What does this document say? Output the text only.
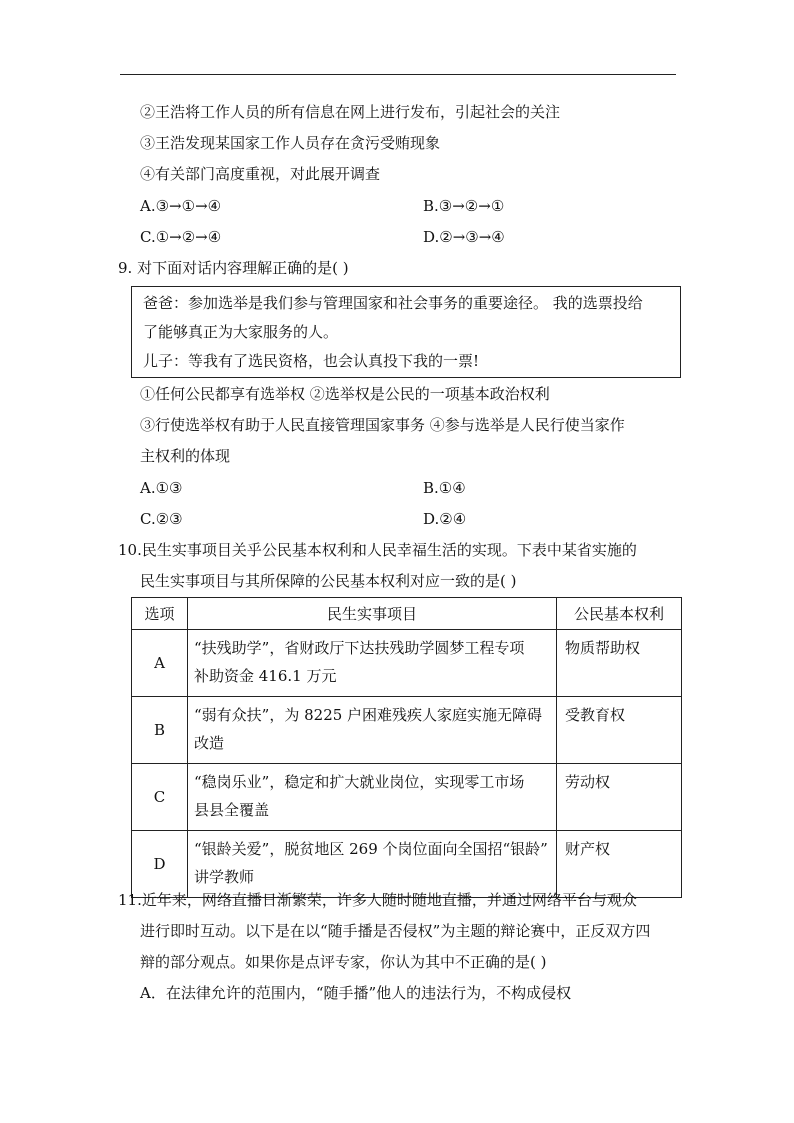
②王浩将工作人员的所有信息在网上进行发布，引起社会的关注
③王浩发现某国家工作人员存在贪污受贿现象
④有关部门高度重视，对此展开调查
A.③→①→④	B.③→②→①
C.①→②→④	D.②→③→④
9. 对下面对话内容理解正确的是( )
爸爸：参加选举是我们参与管理国家和社会事务的重要途径。 我的选票投给
了能够真正为大家服务的人。
儿子：等我有了选民资格，也会认真投下我的一票!
①任何公民都享有选举权 ②选举权是公民的一项基本政治权利
③行使选举权有助于人民直接管理国家事务 ④参与选举是人民行使当家作
主权利的体现
A.①③	B.①④
C.②③	D.②④
10.民生实事项目关乎公民基本权利和人民幸福生活的实现。下表中某省实施的
民生实事项目与其所保障的公民基本权利对应一致的是( )
选项	民生实事项目	公民基本权利
A	“扶残助学”，省财政厅下达扶残助学圆梦工程专项
补助资金 416.1 万元	物质帮助权

B	“弱有众扶”，为 8225 户困难残疾人家庭实施无障碍
改造	受教育权

C	“稳岗乐业”，稳定和扩大就业岗位，实现零工市场
县县全覆盖	劳动权

D	“银龄关爱”，脱贫地区 269 个岗位面向全国招“银龄”
讲学教师	财产权
11.近年来，网络直播日渐繁荣，许多人随时随地直播，并通过网络平台与观众
进行即时互动。以下是在以“随手播是否侵权”为主题的辩论赛中，正反双方四
辩的部分观点。如果你是点评专家，你认为其中不正确的是( )
A．在法律允许的范围内，“随手播”他人的违法行为，不构成侵权
